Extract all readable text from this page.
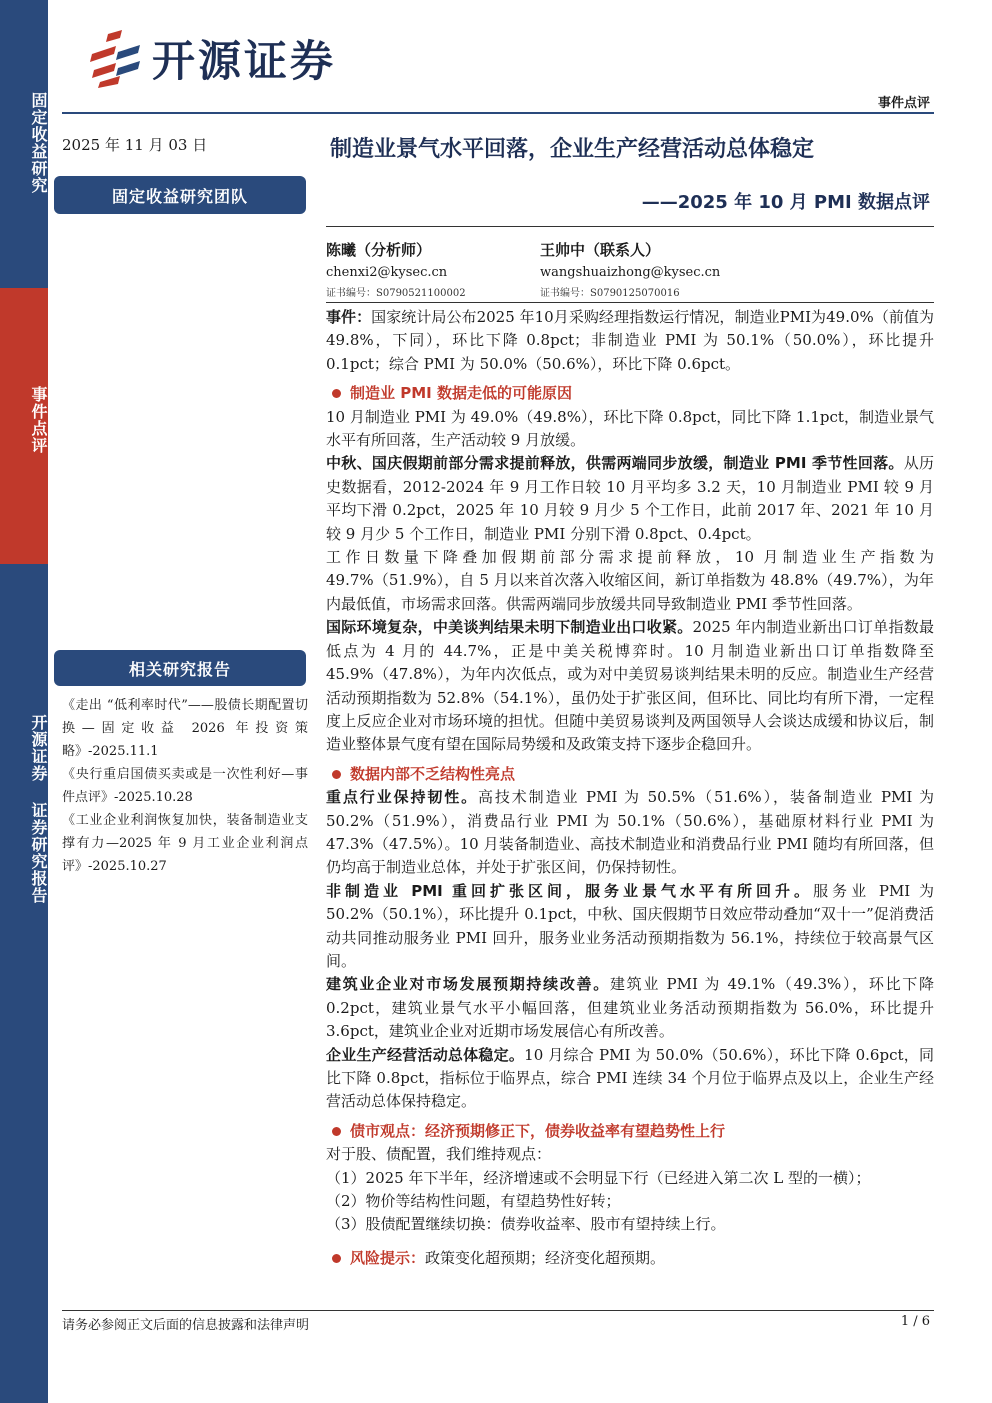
固定收益研究
事件点评
开源证券 证券研究报告
开源证券
事件点评
2025 年 11 月 03 日
固定收益研究团队
相关研究报告
《走出 “低利率时代”——股债长期配置切换—固定收益 2026 年投资策略》-2025.11.1
《央行重启国债买卖或是一次性利好—事件点评》-2025.10.28
《工业企业利润恢复加快，装备制造业支撑有力—2025 年 9 月工业企业利润点评》-2025.10.27
制造业景气水平回落，企业生产经营活动总体稳定
——2025 年 10 月 PMI 数据点评
陈曦（分析师）
chenxi2@kysec.cn
证书编号：S0790521100002
王帅中（联系人）
wangshuaizhong@kysec.cn
证书编号：S0790125070016

事件：国家统计局公布2025 年10月采购经理指数运行情况，制造业PMI为49.0%（前值为 49.8%，下同），环比下降 0.8pct；非制造业 PMI 为 50.1%（50.0%），环比提升 0.1pct；综合 PMI 为 50.0%（50.6%），环比下降 0.6pct。

制造业 PMI 数据走低的可能原因

10 月制造业 PMI 为 49.0%（49.8%），环比下降 0.8pct，同比下降 1.1pct，制造业景气水平有所回落，生产活动较 9 月放缓。

中秋、国庆假期前部分需求提前释放，供需两端同步放缓，制造业 PMI 季节性回落。从历史数据看，2012-2024 年 9 月工作日较 10 月平均多 3.2 天，10 月制造业 PMI 较 9 月平均下滑 0.2pct，2025 年 10 月较 9 月少 5 个工作日，此前 2017 年、2021 年 10 月较 9 月少 5 个工作日，制造业 PMI 分别下滑 0.8pct、0.4pct。

工作日数量下降叠加假期前部分需求提前释放，10 月制造业生产指数为 49.7%（51.9%），自 5 月以来首次落入收缩区间，新订单指数为 48.8%（49.7%），为年内最低值，市场需求回落。供需两端同步放缓共同导致制造业 PMI 季节性回落。

国际环境复杂，中美谈判结果未明下制造业出口收紧。2025 年内制造业新出口订单指数最低点为 4 月的 44.7%，正是中美关税博弈时。10 月制造业新出口订单指数降至 45.9%（47.8%），为年内次低点，或为对中美贸易谈判结果未明的反应。制造业生产经营活动预期指数为 52.8%（54.1%），虽仍处于扩张区间，但环比、同比均有所下滑，一定程度上反应企业对市场环境的担忧。但随中美贸易谈判及两国领导人会谈达成缓和协议后，制造业整体景气度有望在国际局势缓和及政策支持下逐步企稳回升。

数据内部不乏结构性亮点

重点行业保持韧性。高技术制造业 PMI 为 50.5%（51.6%），装备制造业 PMI 为 50.2%（51.9%），消费品行业 PMI 为 50.1%（50.6%），基础原材料行业 PMI 为 47.3%（47.5%）。10 月装备制造业、高技术制造业和消费品行业 PMI 随均有所回落，但仍均高于制造业总体，并处于扩张区间，仍保持韧性。

非制造业 PMI 重回扩张区间，服务业景气水平有所回升。服务业 PMI 为 50.2%（50.1%），环比提升 0.1pct，中秋、国庆假期节日效应带动叠加“双十一”促消费活动共同推动服务业 PMI 回升，服务业业务活动预期指数为 56.1%，持续位于较高景气区间。

建筑业企业对市场发展预期持续改善。建筑业 PMI 为 49.1%（49.3%），环比下降 0.2pct，建筑业景气水平小幅回落，但建筑业业务活动预期指数为 56.0%，环比提升 3.6pct，建筑业企业对近期市场发展信心有所改善。

企业生产经营活动总体稳定。10 月综合 PMI 为 50.0%（50.6%），环比下降 0.6pct，同比下降 0.8pct，指标位于临界点，综合 PMI 连续 34 个月位于临界点及以上，企业生产经营活动总体保持稳定。

债市观点：经济预期修正下，债券收益率有望趋势性上行

对于股、债配置，我们维持观点：

（1）2025 年下半年，经济增速或不会明显下行（已经进入第二次 L 型的一横）；

（2）物价等结构性问题，有望趋势性好转；

（3）股债配置继续切换：债券收益率、股市有望持续上行。

风险提示： 政策变化超预期；经济变化超预期。
请务必参阅正文后面的信息披露和法律声明	1 / 6
